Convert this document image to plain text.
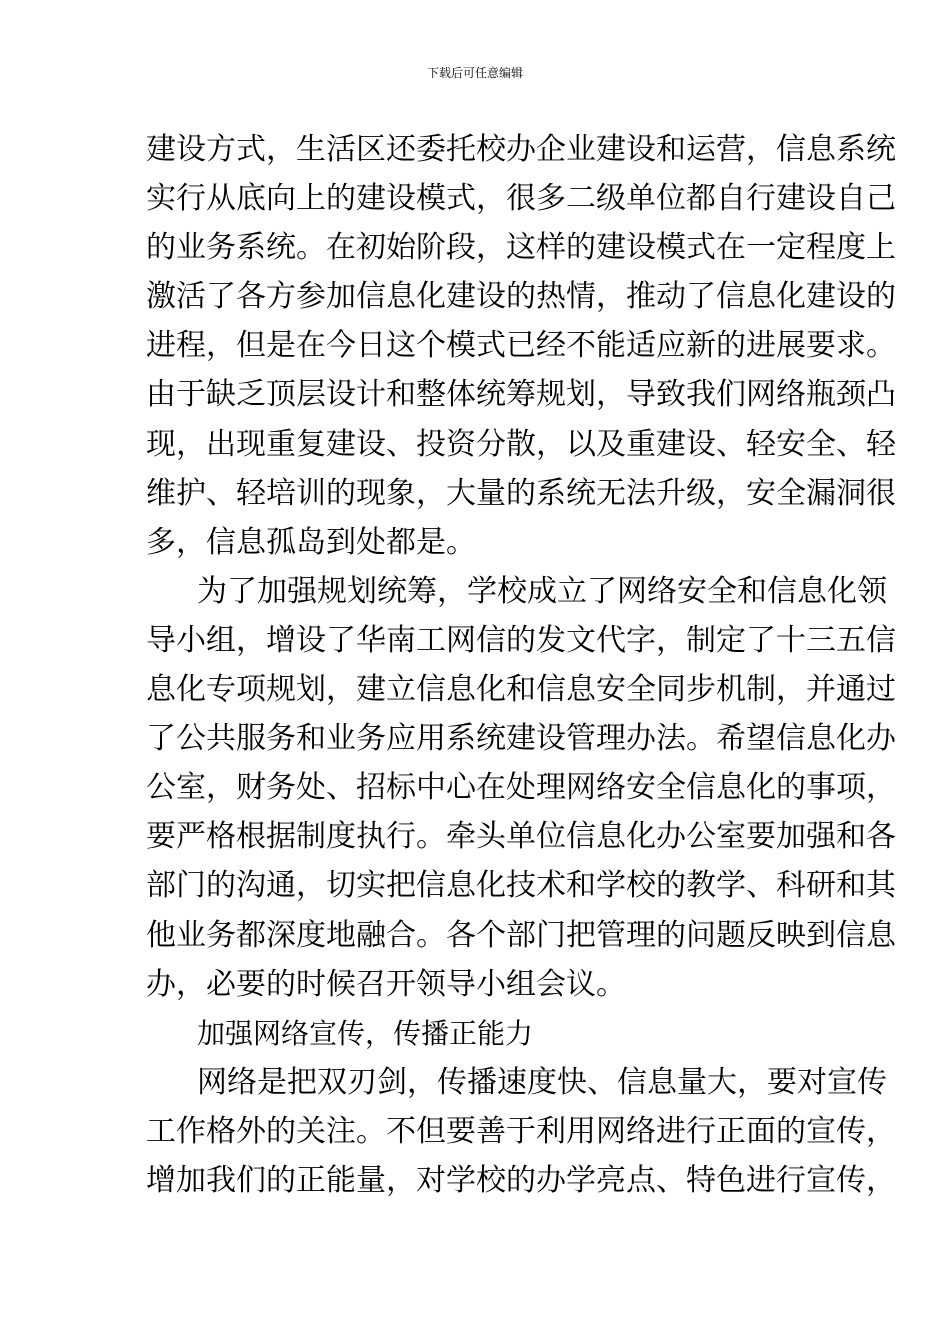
下载后可任意编辑
建设方式，生活区还委托校办企业建设和运营，信息系统
实行从底向上的建设模式，很多二级单位都自行建设自己
的业务系统。在初始阶段，这样的建设模式在一定程度上
激活了各方参加信息化建设的热情，推动了信息化建设的
进程，但是在今日这个模式已经不能适应新的进展要求。
由于缺乏顶层设计和整体统筹规划，导致我们网络瓶颈凸
现，出现重复建设、投资分散，以及重建设、轻安全、轻
维护、轻培训的现象，大量的系统无法升级，安全漏洞很
多，信息孤岛到处都是。
为了加强规划统筹，学校成立了网络安全和信息化领
导小组，增设了华南工网信的发文代字，制定了十三五信
息化专项规划，建立信息化和信息安全同步机制，并通过
了公共服务和业务应用系统建设管理办法。希望信息化办
公室，财务处、招标中心在处理网络安全信息化的事项，
要严格根据制度执行。牵头单位信息化办公室要加强和各
部门的沟通，切实把信息化技术和学校的教学、科研和其
他业务都深度地融合。各个部门把管理的问题反映到信息
办，必要的时候召开领导小组会议。
加强网络宣传，传播正能力
网络是把双刃剑，传播速度快、信息量大，要对宣传
工作格外的关注。不但要善于利用网络进行正面的宣传，
增加我们的正能量，对学校的办学亮点、特色进行宣传，
